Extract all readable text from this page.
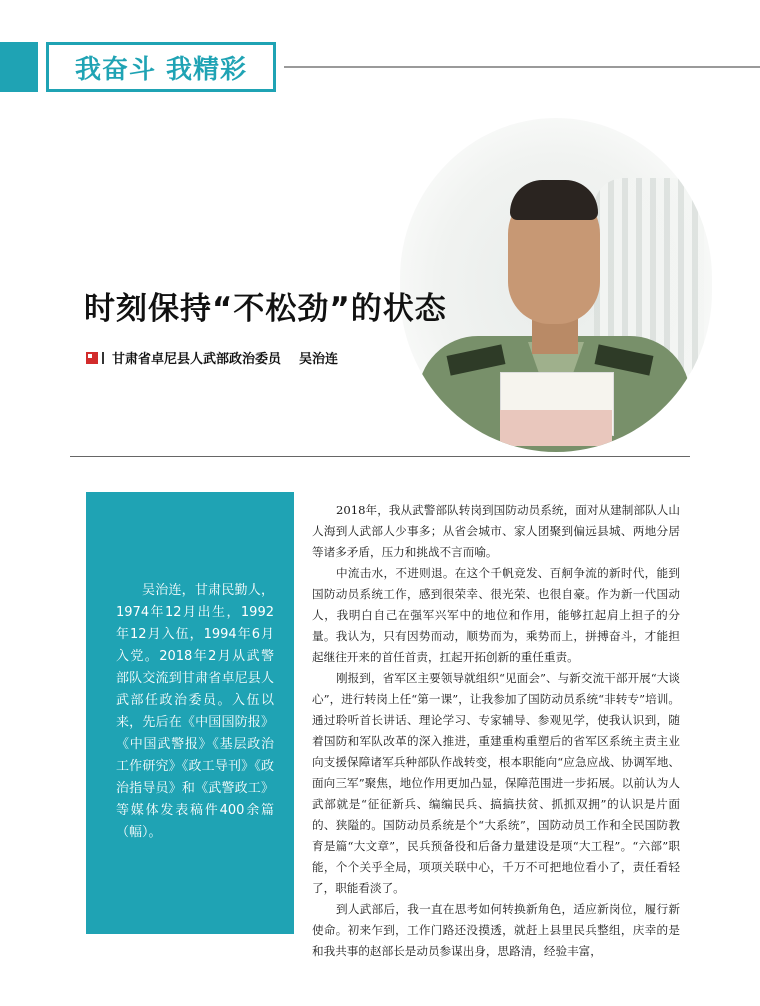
我奋斗 我精彩
时刻保持“不松劲”的状态
甘肃省卓尼县人武部政治委员 吴治连

吴治连，甘肃民勤人，1974年12月出生，1992年12月入伍，1994年6月入党。2018年2月从武警部队交流到甘肃省卓尼县人武部任政治委员。入伍以来，先后在《中国国防报》《中国武警报》《基层政治工作研究》《政工导刊》《政治指导员》和《武警政工》等媒体发表稿件400余篇（幅）。

2018年，我从武警部队转岗到国防动员系统，面对从建制部队人山人海到人武部人少事多；从省会城市、家人团聚到偏远县城、两地分居等诸多矛盾，压力和挑战不言而喻。

中流击水，不进则退。在这个千帆竞发、百舸争流的新时代，能到国防动员系统工作，感到很荣幸、很光荣、也很自豪。作为新一代国动人，我明白自己在强军兴军中的地位和作用，能够扛起肩上担子的分量。我认为，只有因势而动，顺势而为，乘势而上，拼搏奋斗，才能担起继往开来的首任首责，扛起开拓创新的重任重责。

刚报到，省军区主要领导就组织“见面会”、与新交流干部开展“大谈心”，进行转岗上任“第一课”，让我参加了国防动员系统“非转专”培训。通过聆听首长讲话、理论学习、专家辅导、参观见学，使我认识到，随着国防和军队改革的深入推进，重建重构重塑后的省军区系统主责主业向支援保障诸军兵种部队作战转变，根本职能向“应急应战、协调军地、面向三军”聚焦，地位作用更加凸显，保障范围进一步拓展。以前认为人武部就是“征征新兵、编编民兵、搞搞扶贫、抓抓双拥”的认识是片面的、狭隘的。国防动员系统是个“大系统”，国防动员工作和全民国防教育是篇“大文章”，民兵预备役和后备力量建设是项“大工程”。“六部”职能，个个关乎全局，项项关联中心，千万不可把地位看小了，责任看轻了，职能看淡了。

到人武部后，我一直在思考如何转换新角色，适应新岗位，履行新使命。初来乍到，工作门路还没摸透，就赶上县里民兵整组，庆幸的是和我共事的赵部长是动员参谋出身，思路清，经验丰富，
